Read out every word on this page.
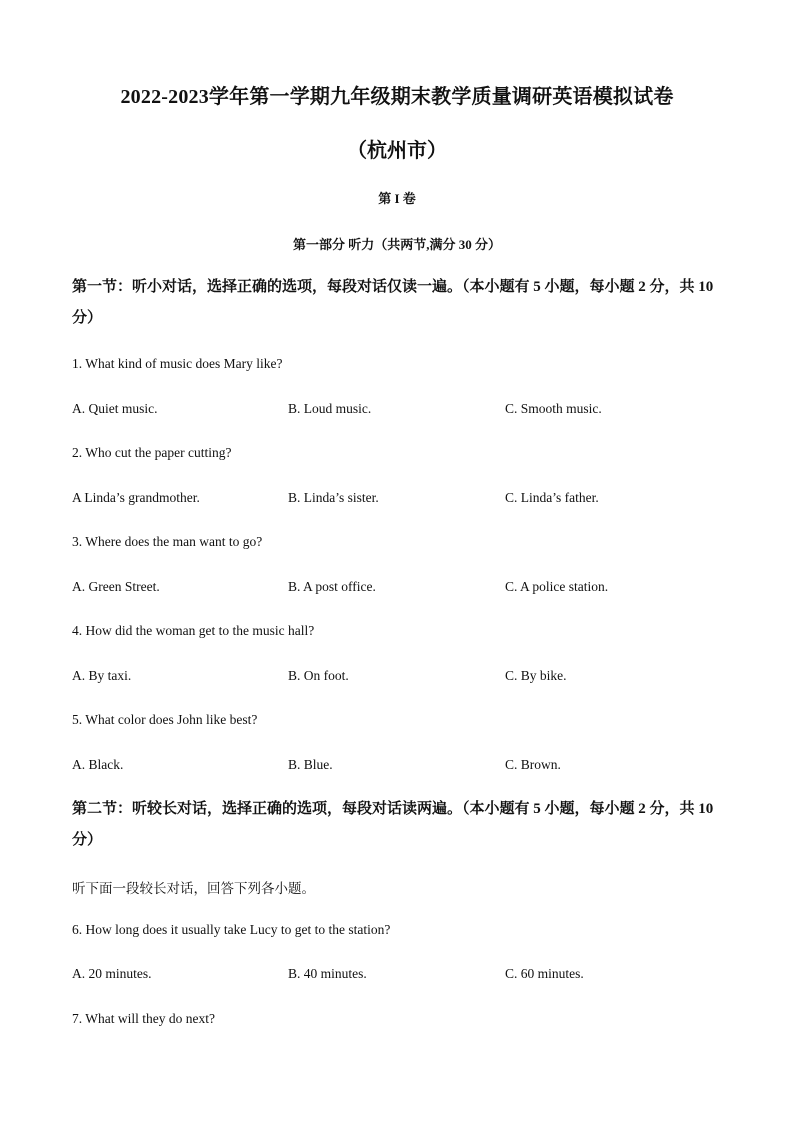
2022-2023学年第一学期九年级期末教学质量调研英语模拟试卷
（杭州市）
第 I 卷
第一部分 听力（共两节,满分 30 分）
第一节：听小对话，选择正确的选项，每段对话仅读一遍。（本小题有 5 小题，每小题 2 分，共 10 分）
1. What kind of music does Mary like?
A. Quiet music.	B. Loud music.	C. Smooth music.
2. Who cut the paper cutting?
A Linda’s grandmother.	B. Linda’s sister.	C. Linda’s father.
3. Where does the man want to go?
A. Green Street.	B. A post office.	C. A police station.
4. How did the woman get to the music hall?
A. By taxi.	B. On foot.	C. By bike.
5. What color does John like best?
A. Black.	B. Blue.	C. Brown.
第二节：听较长对话，选择正确的选项，每段对话读两遍。（本小题有 5 小题，每小题 2 分，共 10 分）
听下面一段较长对话，回答下列各小题。
6. How long does it usually take Lucy to get to the station?
A. 20 minutes.	B. 40 minutes.	C. 60 minutes.
7. What will they do next?
